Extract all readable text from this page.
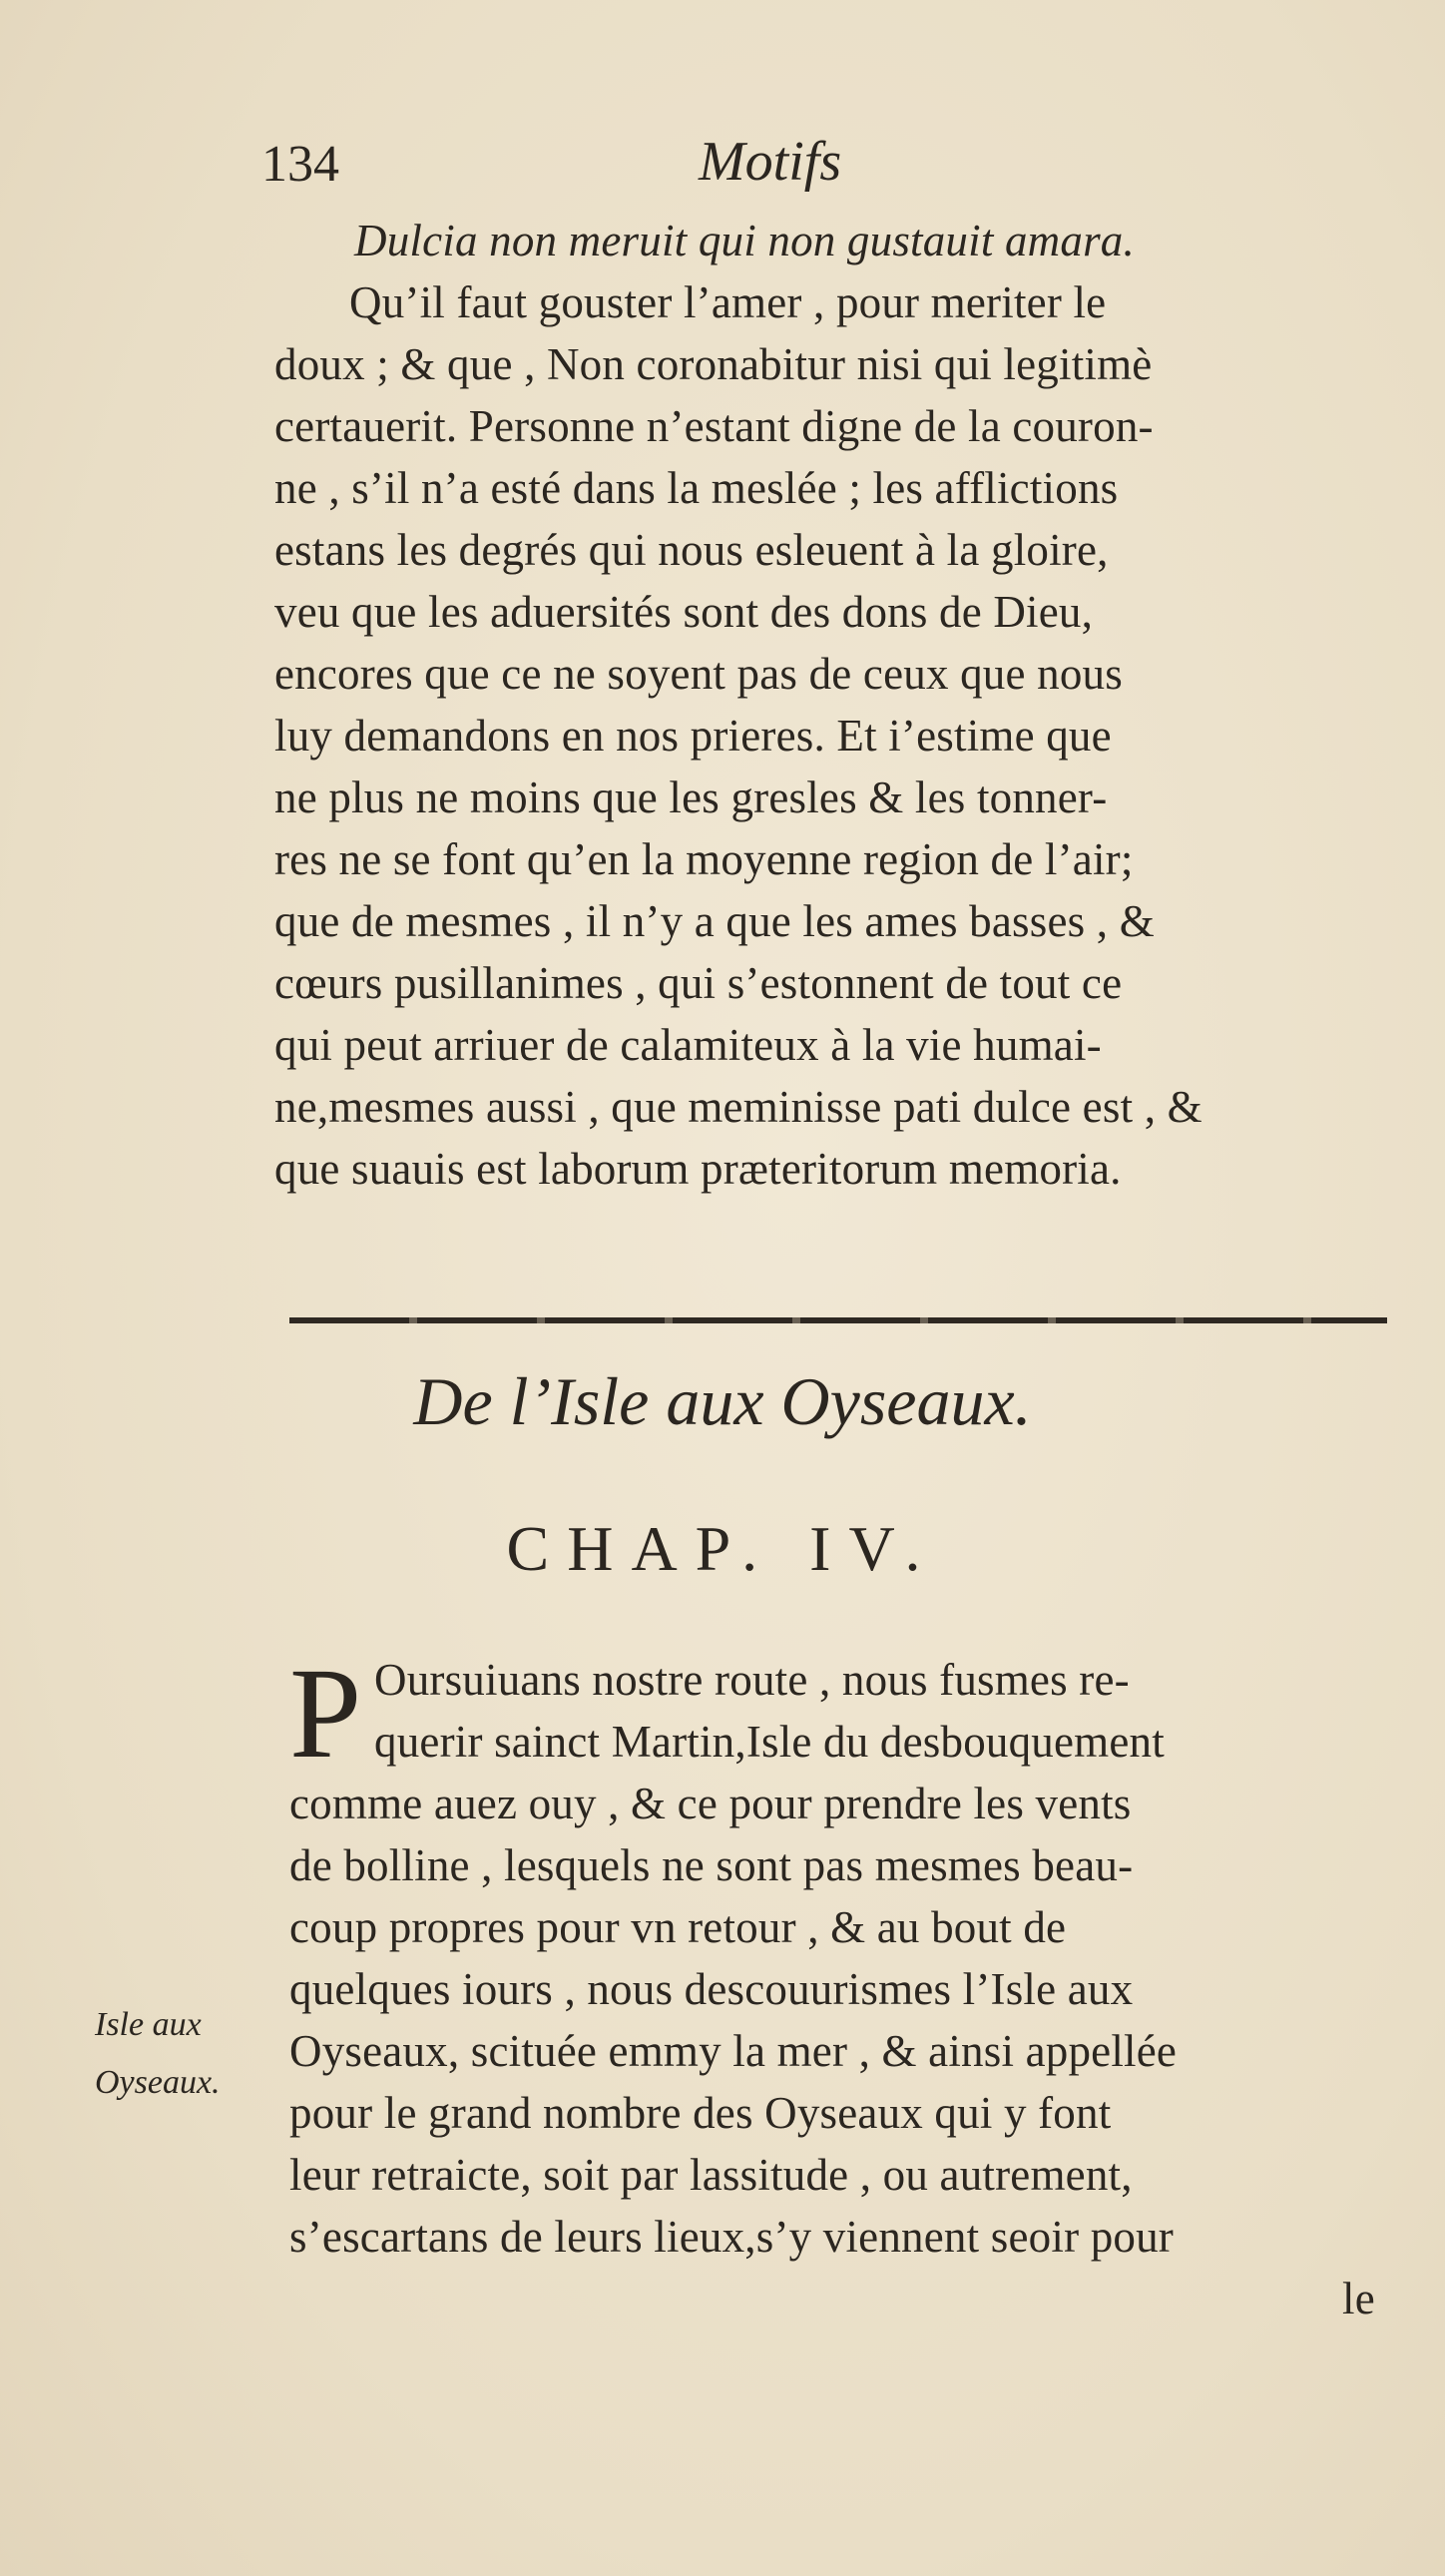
134	Motifs
Dulcia non meruit qui non gustauit amara.
Qu’il faut gouster l’amer , pour meriter le
doux ; & que , Non coronabitur nisi qui legitimè
certauerit. Personne n’estant digne de la couron-
ne , s’il n’a esté dans la meslée ; les afflictions
estans les degrés qui nous esleuent à la gloire,
veu que les aduersités sont des dons de Dieu,
encores que ce ne soyent pas de ceux que nous
luy demandons en nos prieres. Et i’estime que
ne plus ne moins que les gresles & les tonner-
res ne se font qu’en la moyenne region de l’air;
que de mesmes , il n’y a que les ames basses , &
cœurs pusillanimes , qui s’estonnent de tout ce
qui peut arriuer de calamiteux à la vie humai-
ne,mesmes aussi , que meminisse pati dulce est , &
que suauis est laborum præteritorum memoria.
De l’Isle aux Oyseaux.
CHAP. IV.
P Oursuiuans nostre route , nous fusmes re-
querir sainct Martin,Isle du desbouquement
comme auez ouy , & ce pour prendre les vents
de bolline , lesquels ne sont pas mesmes beau-
coup propres pour vn retour , & au bout de
quelques iours , nous descouurismes l’Isle aux
Oyseaux, scituée emmy la mer , & ainsi appellée
pour le grand nombre des Oyseaux qui y font
leur retraicte, soit par lassitude , ou autrement,
s’escartans de leurs lieux,s’y viennent seoir pour
le
Isle aux
Oyseaux.
